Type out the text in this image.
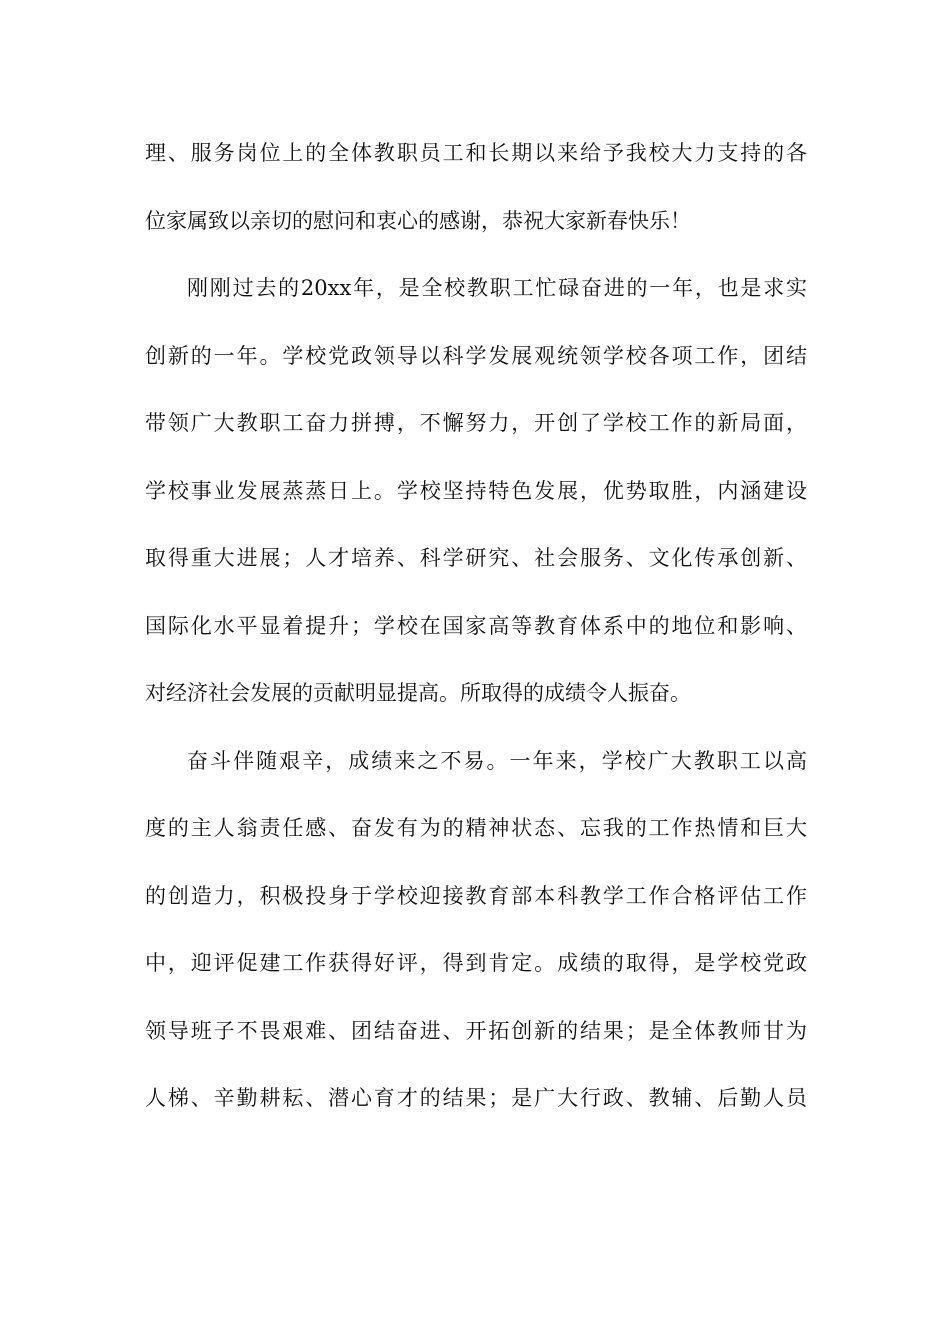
理、服务岗位上的全体教职员工和长期以来给予我校大力支持的各
位家属致以亲切的慰问和衷心的感谢，恭祝大家新春快乐！
刚刚过去的20xx年，是全校教职工忙碌奋进的一年，也是求实
创新的一年。学校党政领导以科学发展观统领学校各项工作，团结
带领广大教职工奋力拼搏，不懈努力，开创了学校工作的新局面，
学校事业发展蒸蒸日上。学校坚持特色发展，优势取胜，内涵建设
取得重大进展；人才培养、科学研究、社会服务、文化传承创新、
国际化水平显着提升；学校在国家高等教育体系中的地位和影响、
对经济社会发展的贡献明显提高。所取得的成绩令人振奋。
奋斗伴随艰辛，成绩来之不易。一年来，学校广大教职工以高
度的主人翁责任感、奋发有为的精神状态、忘我的工作热情和巨大
的创造力，积极投身于学校迎接教育部本科教学工作合格评估工作
中，迎评促建工作获得好评，得到肯定。成绩的取得，是学校党政
领导班子不畏艰难、团结奋进、开拓创新的结果；是全体教师甘为
人梯、辛勤耕耘、潜心育才的结果；是广大行政、教辅、后勤人员
